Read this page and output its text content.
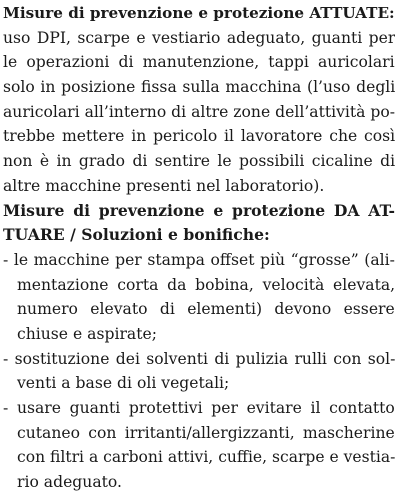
Misure di prevenzione e protezione ATTUATE:
uso DPI, scarpe e vestiario adeguato, guanti per
le operazioni di manutenzione, tappi auricolari
solo in posizione fissa sulla macchina (l’uso degli
auricolari all’interno di altre zone dell’attività po-
trebbe mettere in pericolo il lavoratore che così
non è in grado di sentire le possibili cicaline di
altre macchine presenti nel laboratorio).
Misure di prevenzione e protezione DA AT-
TUARE / Soluzioni e bonifiche:
- le macchine per stampa offset più “grosse” (ali-
mentazione corta da bobina, velocità elevata,
numero elevato di elementi) devono essere
chiuse e aspirate;
- sostituzione dei solventi di pulizia rulli con sol-
venti a base di oli vegetali;
- usare guanti protettivi per evitare il contatto
cutaneo con irritanti/allergizzanti, mascherine
con filtri a carboni attivi, cuffie, scarpe e vestia-
rio adeguato.
